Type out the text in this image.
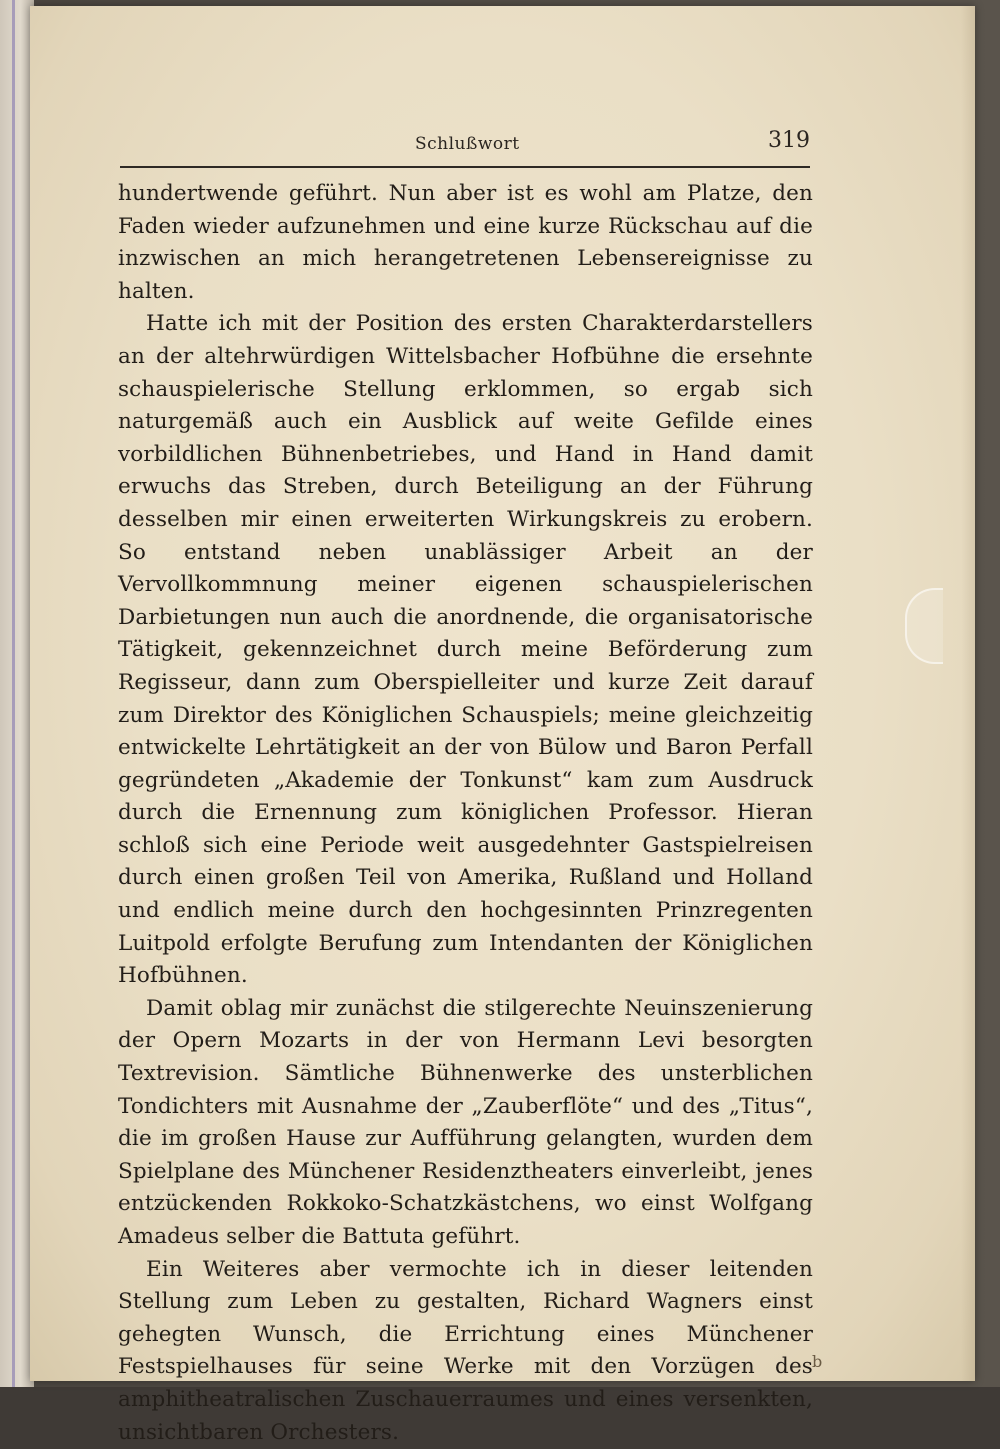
Schlußwort	319

hundertwende geführt. Nun aber ist es wohl am Platze, den Faden wieder aufzunehmen und eine kurze Rückschau auf die inzwischen an mich herangetretenen Lebensereignisse zu halten.

Hatte ich mit der Position des ersten Charakterdarstellers an der altehrwürdigen Wittelsbacher Hofbühne die ersehnte schauspielerische Stellung erklommen, so ergab sich naturgemäß auch ein Ausblick auf weite Gefilde eines vorbildlichen Bühnenbetriebes, und Hand in Hand damit erwuchs das Streben, durch Beteiligung an der Führung desselben mir einen erweiterten Wirkungskreis zu erobern. So entstand neben unablässiger Arbeit an der Vervollkommnung meiner eigenen schauspielerischen Darbietungen nun auch die anordnende, die organisatorische Tätigkeit, gekennzeichnet durch meine Beförderung zum Regisseur, dann zum Oberspielleiter und kurze Zeit darauf zum Direktor des Königlichen Schauspiels; meine gleichzeitig entwickelte Lehrtätigkeit an der von Bülow und Baron Perfall gegründeten „Akademie der Tonkunst“ kam zum Ausdruck durch die Ernennung zum königlichen Professor. Hieran schloß sich eine Periode weit ausgedehnter Gastspielreisen durch einen großen Teil von Amerika, Rußland und Holland und endlich meine durch den hochgesinnten Prinzregenten Luitpold erfolgte Berufung zum Intendanten der Königlichen Hofbühnen.

Damit oblag mir zunächst die stilgerechte Neuinszenierung der Opern Mozarts in der von Hermann Levi besorgten Textrevision. Sämtliche Bühnenwerke des unsterblichen Tondichters mit Ausnahme der „Zauberflöte“ und des „Titus“, die im großen Hause zur Aufführung gelangten, wurden dem Spielplane des Münchener Residenztheaters einverleibt, jenes entzückenden Rokkoko-Schatzkästchens, wo einst Wolfgang Amadeus selber die Battuta geführt.

Ein Weiteres aber vermochte ich in dieser leitenden Stellung zum Leben zu gestalten, Richard Wagners einst gehegten Wunsch, die Errichtung eines Münchener Festspielhauses für seine Werke mit den Vorzügen des amphitheatralischen Zuschauerraumes und eines versenkten, unsichtbaren Orchesters.

b
